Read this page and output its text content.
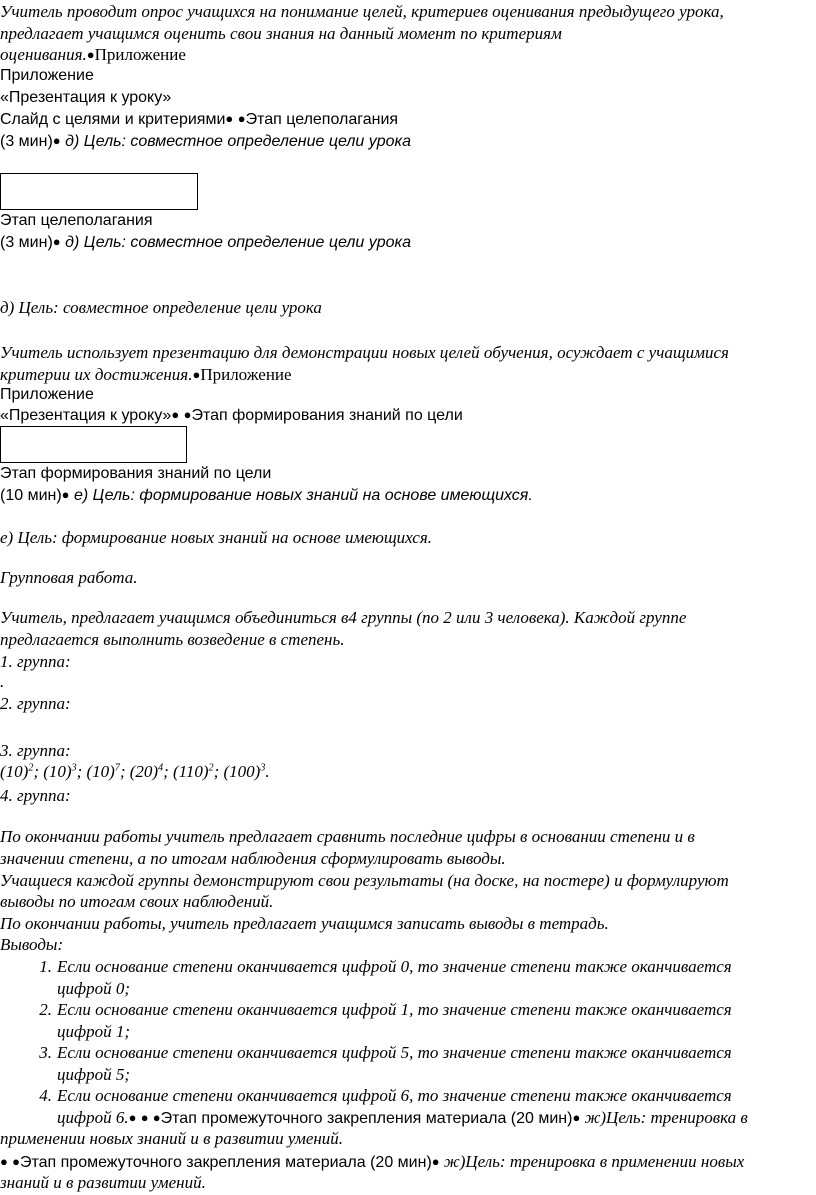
Учитель проводит опрос учащихся на понимание целей, критериев оценивания предыдущего урока,
предлагает учащимся оценить свои знания на данный момент по критериям
оценивания.●Приложение
Приложение
«Презентация к уроку»
Слайд с целями и критериями● ●Этап целеполагания
(3 мин)● д) Цель: совместное определение цели урока
Этап целеполагания
(3 мин)● д) Цель: совместное определение цели урока
д) Цель: совместное определение цели урока
Учитель использует презентацию для демонстрации новых целей обучения, осуждает с учащимися
критерии их достижения.●Приложение
Приложение
«Презентация к уроку»● ●Этап формирования знаний по цели
Этап формирования знаний по цели
(10 мин)● е) Цель: формирование новых знаний на основе имеющихся.
е) Цель: формирование новых знаний на основе имеющихся.
Групповая работа.
Учитель, предлагает учащимся объединиться в4 группы (по 2 или 3 человека). Каждой группе
предлагается выполнить возведение в степень.
1. группа:
.
2. группа:
3. группа:
$(10)^2$; $(10)^3$; $(10)^7$; $(20)^4$; $(110)^2$; $(100)^3$.
4. группа:
По окончании работы учитель предлагает сравнить последние цифры в основании степени и в
значении степени, а по итогам наблюдения сформулировать выводы.
Учащиеся каждой группы демонстрируют свои результаты (на доске, на постере) и формулируют
выводы по итогам своих наблюдений.
По окончании работы, учитель предлагает учащимся записать выводы в тетрадь.
Выводы:
1. Если основание степени оканчивается цифрой 0, то значение степени также оканчивается
цифрой 0;
2. Если основание степени оканчивается цифрой 1, то значение степени также оканчивается
цифрой 1;
3. Если основание степени оканчивается цифрой 5, то значение степени также оканчивается
цифрой 5;
4. Если основание степени оканчивается цифрой 6, то значение степени также оканчивается
цифрой 6.● ● ●Этап промежуточного закрепления материала (20 мин)● ж)Цель: тренировка в
применении новых знаний и в развитии умений.
● ●Этап промежуточного закрепления материала (20 мин)● ж)Цель: тренировка в применении новых
знаний и в развитии умений.
